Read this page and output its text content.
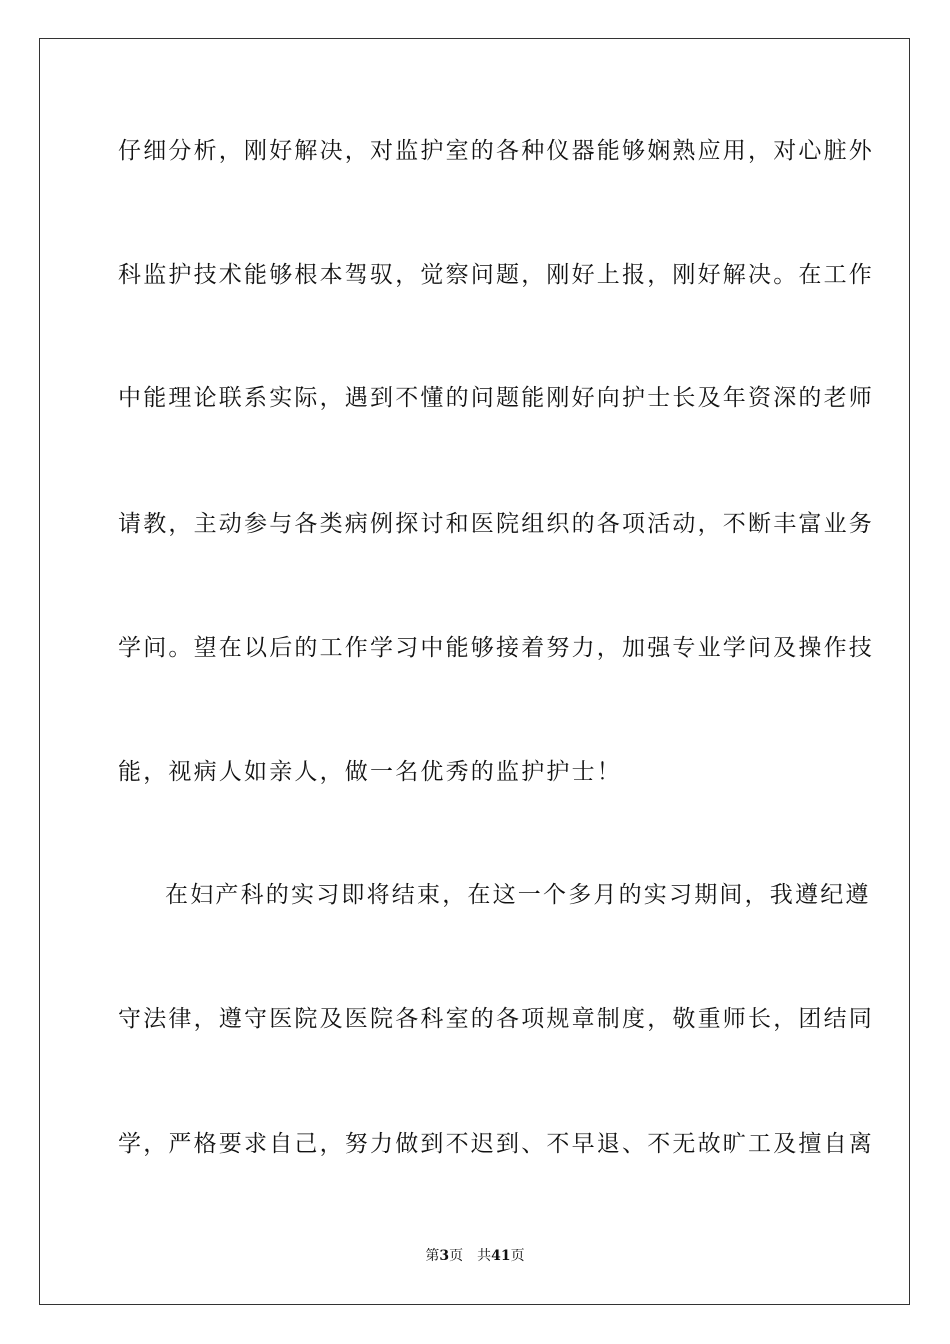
仔细分析，刚好解决，对监护室的各种仪器能够娴熟应用，对心脏外
科监护技术能够根本驾驭，觉察问题，刚好上报，刚好解决。在工作
中能理论联系实际，遇到不懂的问题能刚好向护士长及年资深的老师
请教，主动参与各类病例探讨和医院组织的各项活动，不断丰富业务
学问。望在以后的工作学习中能够接着努力，加强专业学问及操作技
能，视病人如亲人，做一名优秀的监护护士！
在妇产科的实习即将结束，在这一个多月的实习期间，我遵纪遵
守法律，遵守医院及医院各科室的各项规章制度，敬重师长，团结同
学，严格要求自己，努力做到不迟到、不早退、不无故旷工及擅自离
第3页 共41页
